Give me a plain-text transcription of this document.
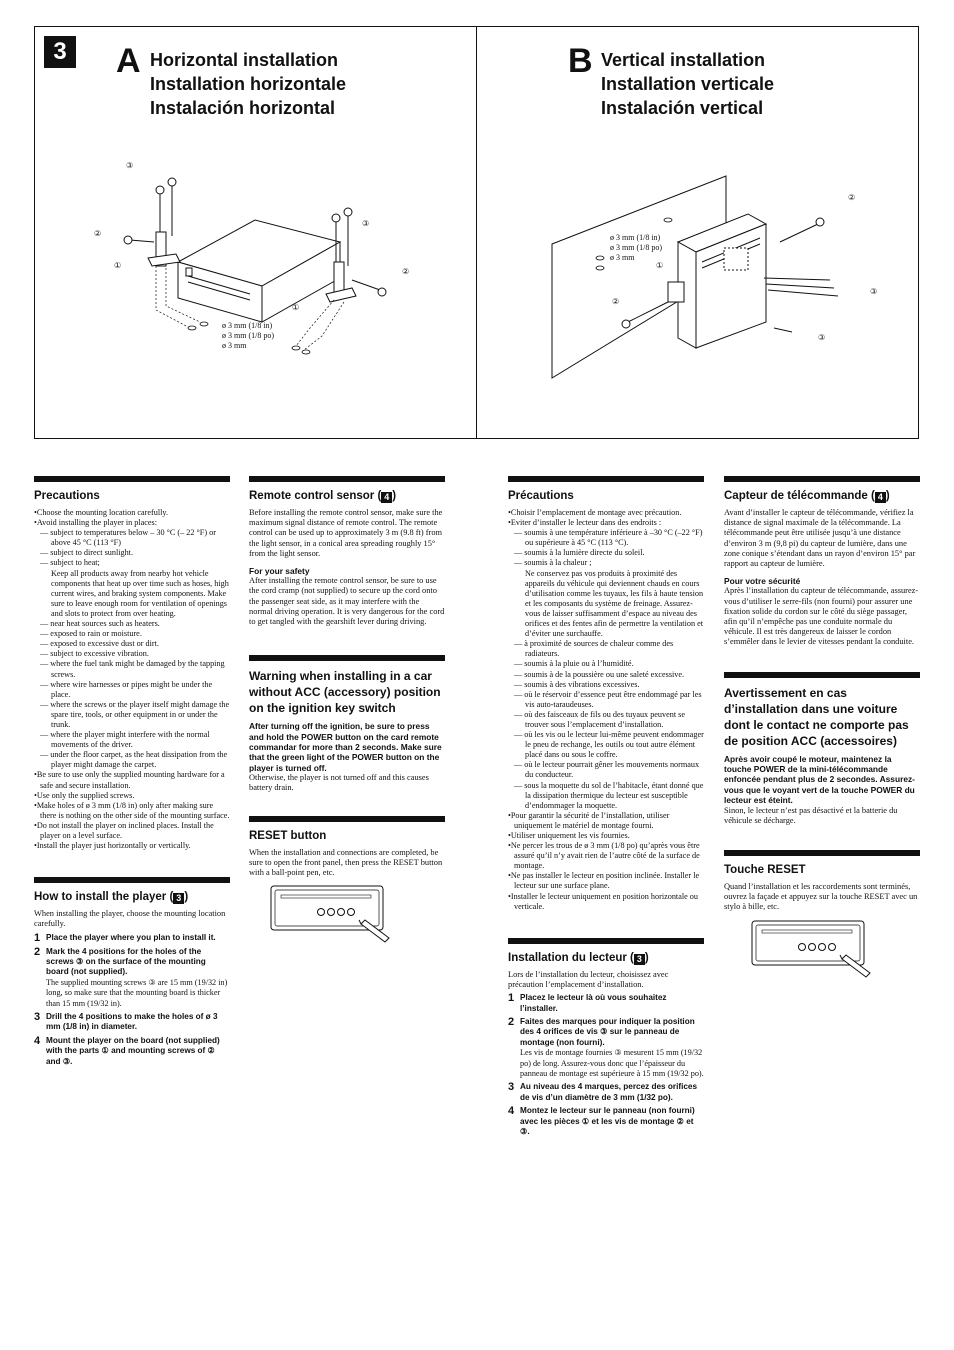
3 A Horizontal installation
Installation horizontale
Instalación horizontal
B Vertical installation
Installation verticale
Instalación vertical
③
②
①
③
②
①
ø 3 mm (1/8 in)
ø 3 mm (1/8 po)
ø 3 mm
ø 3 mm (1/8 in)
ø 3 mm (1/8 po)
ø 3 mm
①
②
②
③
③
Precautions
•Choose the mounting location carefully.
•Avoid installing the player in places:
— subject to temperatures below – 30 °C (– 22 °F) or above 45 °C (113 °F)
— subject to direct sunlight.
— subject to heat;
Keep all products away from nearby hot vehicle components that heat up over time such as hoses, high current wires, and braking system components. Make sure to leave enough room for ventilation of openings and slots to protect from over heating.
— near heat sources such as heaters.
— exposed to rain or moisture.
— exposed to excessive dust or dirt.
— subject to excessive vibration.
— where the fuel tank might be damaged by the tapping screws.
— where wire harnesses or pipes might be under the place.
— where the screws or the player itself might damage the spare tire, tools, or other equipment in or under the trunk.
— where the player might interfere with the normal movements of the driver.
— under the floor carpet, as the heat dissipation from the player might damage the carpet.
•Be sure to use only the supplied mounting hardware for a safe and secure installation.
•Use only the supplied screws.
•Make holes of ø 3 mm (1/8 in) only after making sure there is nothing on the other side of the mounting surface.
•Do not install the player on inclined places. Install the player on a level surface.
•Install the player just horizontally or vertically.
How to install the player ( 3 )

When installing the player, choose the mounting location carefully.

1 Place the player where you plan to install it.
2 Mark the 4 positions for the holes of the screws ③ on the surface of the mounting board (not supplied).
The supplied mounting screws ③ are 15 mm (19/32 in) long, so make sure that the mounting board is thicker than 15 mm (19/32 in).
3 Drill the 4 positions to make the holes of ø 3 mm (1/8 in) in diameter.
4 Mount the player on the board (not supplied) with the parts ① and mounting screws of ② and ③.
Remote control sensor ( 4 )

Before installing the remote control sensor, make sure the maximum signal distance of remote control. The remote control can be used up to approximately 3 m (9.8 ft) from the light sensor, in a conical area spreading roughly 15° from the light sensor.

For your safety

After installing the remote control sensor, be sure to use the cord cramp (not supplied) to secure up the cord onto the passenger seat side, as it may interfere with the normal driving operation. It is very dangerous for the cord to get tangled with the gearshift lever during driving.

Warning when installing in a car without ACC (accessory) position on the ignition key switch

After turning off the ignition, be sure to press and hold the POWER button on the card remote commandar for more than 2 seconds. Make sure that the green light of the POWER button on the player is turned off.

Otherwise, the player is not turned off and this causes battery drain.

RESET button

When the installation and connections are completed, be sure to open the front panel, then press the RESET button with a ball-point pen, etc.

Précautions
•Choisir l’emplacement de montage avec précaution.
•Eviter d’installer le lecteur dans des endroits :
— soumis à une température inférieure à –30 °C (–22 °F) ou supérieure à 45 °C (113 °C).
— soumis à la lumière directe du soleil.
— soumis à la chaleur ;
Ne conservez pas vos produits à proximité des appareils du véhicule qui deviennent chauds en cours d’utilisation comme les tuyaux, les fils à haute tension et les composants du système de freinage. Assurez-vous de laisser suffisamment d’espace au niveau des orifices et des fentes afin de permettre la ventilation et d’éviter une surchauffe.
— à proximité de sources de chaleur comme des radiateurs.
— soumis à la pluie ou à l’humidité.
— soumis à de la poussière ou une saleté excessive.
— soumis à des vibrations excessives.
— où le réservoir d’essence peut être endommagé par les vis auto-taraudeuses.
— où des faisceaux de fils ou des tuyaux peuvent se trouver sous l’emplacement d’installation.
— où les vis ou le lecteur lui-même peuvent endommager le pneu de rechange, les outils ou tout autre élément placé dans ou sous le coffre.
— où le lecteur pourrait gêner les mouvements normaux du conducteur.
— sous la moquette du sol de l’habitacle, étant donné que la dissipation thermique du lecteur est susceptible d’endommager la moquette.
•Pour garantir la sécurité de l’installation, utiliser uniquement le matériel de montage fourni.
•Utiliser uniquement les vis fournies.
•Ne percer les trous de ø 3 mm (1/8 po) qu’après vous être assuré qu’il n’y avait rien de l’autre côté de la surface de montage.
•Ne pas installer le lecteur en position inclinée. Installer le lecteur sur une surface plane.
•Installer le lecteur uniquement en position horizontale ou verticale.
Installation du lecteur ( 3 )

Lors de l’installation du lecteur, choisissez avec précaution l’emplacement d’installation.

1 Placez le lecteur là où vous souhaitez l’installer.
2 Faites des marques pour indiquer la position des 4 orifices de vis ③ sur le panneau de montage (non fourni).
Les vis de montage fournies ③ mesurent 15 mm (19/32 po) de long. Assurez-vous donc que l’épaisseur du panneau de montage est supérieure à 15 mm (19/32 po).
3 Au niveau des 4 marques, percez des orifices de vis d’un diamètre de 3 mm (1/32 po).
4 Montez le lecteur sur le panneau (non fourni) avec les pièces ① et les vis de montage ② et ③.
Capteur de télécommande ( 4 )

Avant d’installer le capteur de télécommande, vérifiez la distance de signal maximale de la télécommande. La télécommande peut être utilisée jusqu’à une distance d’environ 3 m (9,8 pi) du capteur de lumière, dans une zone conique s’étendant dans un rayon d’environ 15° par rapport au capteur de lumière.

Pour votre sécurité

Après l’installation du capteur de télécommande, assurez-vous d’utiliser le serre-fils (non fourni) pour assurer une fixation solide du cordon sur le côté du siège passager, afin qu’il n’empêche pas une conduite normale du véhicule. Il est très dangereux de laisser le cordon s’emmêler dans le levier de vitesses pendant la conduite.

Avertissement en cas d’installation dans une voiture dont le contact ne comporte pas de position ACC (accessoires)

Après avoir coupé le moteur, maintenez la touche POWER de la mini-télécommande enfoncée pendant plus de 2 secondes. Assurez-vous que le voyant vert de la touche POWER du lecteur est éteint.

Sinon, le lecteur n’est pas désactivé et la batterie du véhicule se décharge.

Touche RESET

Quand l’installation et les raccordements sont terminés, ouvrez la façade et appuyez sur la touche RESET avec un stylo à bille, etc.
